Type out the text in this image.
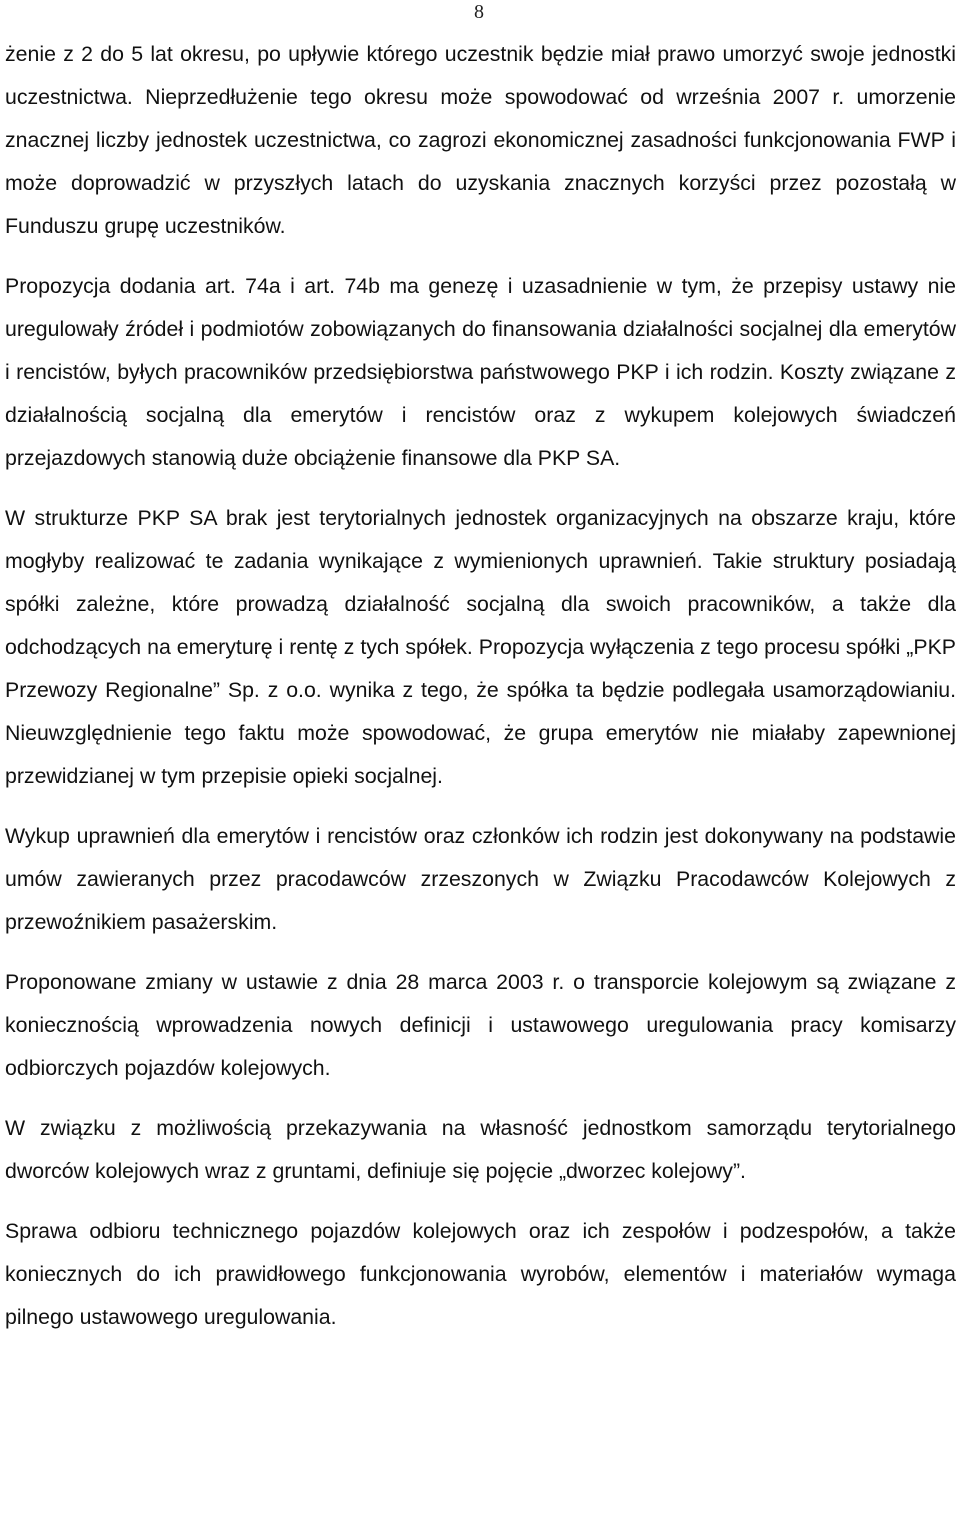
8

żenie z 2 do 5 lat okresu, po upływie którego uczestnik będzie miał prawo umorzyć swoje jednostki uczestnictwa. Nieprzedłużenie tego okresu może spowodować od września 2007 r. umorzenie znacznej liczby jednostek uczestnictwa, co zagrozi ekonomicznej zasadności funkcjonowania FWP i może doprowadzić w przyszłych latach do uzyskania znacznych korzyści przez pozostałą w Funduszu grupę uczestników.

Propozycja dodania art. 74a i art. 74b ma genezę i uzasadnienie w tym, że przepisy ustawy nie uregulowały źródeł i podmiotów zobowiązanych do finansowania działalności socjalnej dla emerytów i rencistów, byłych pracowników przedsiębiorstwa państwowego PKP i ich rodzin. Koszty związane z działalnością socjalną dla emerytów i rencistów oraz z wykupem kolejowych świadczeń przejazdowych stanowią duże obciążenie finansowe dla PKP SA.

W strukturze PKP SA brak jest terytorialnych jednostek organizacyjnych na obszarze kraju, które mogłyby realizować te zadania wynikające z wymienionych uprawnień. Takie struktury posiadają spółki zależne, które prowadzą działalność socjalną dla swoich pracowników, a także dla odchodzących na emeryturę i rentę z tych spółek. Propozycja wyłączenia z tego procesu spółki „PKP Przewozy Regionalne” Sp. z o.o. wynika z tego, że spółka ta będzie podlegała usamorządowianiu. Nieuwzględnienie tego faktu może spowodować, że grupa emerytów nie miałaby zapewnionej przewidzianej w tym przepisie opieki socjalnej.

Wykup uprawnień dla emerytów i rencistów oraz członków ich rodzin jest dokonywany na podstawie umów zawieranych przez pracodawców zrzeszonych w Związku Pracodawców Kolejowych z przewoźnikiem pasażerskim.

Proponowane zmiany w ustawie z dnia 28 marca 2003 r. o transporcie kolejowym są związane z koniecznością wprowadzenia nowych definicji i ustawowego uregulowania pracy komisarzy odbiorczych pojazdów kolejowych.

W związku z możliwością przekazywania na własność jednostkom samorządu terytorialnego dworców kolejowych wraz z gruntami, definiuje się pojęcie „dworzec kolejowy”.

Sprawa odbioru technicznego pojazdów kolejowych oraz ich zespołów i podzespołów, a także koniecznych do ich prawidłowego funkcjonowania wyrobów, elementów i materiałów wymaga pilnego ustawowego uregulowania.
